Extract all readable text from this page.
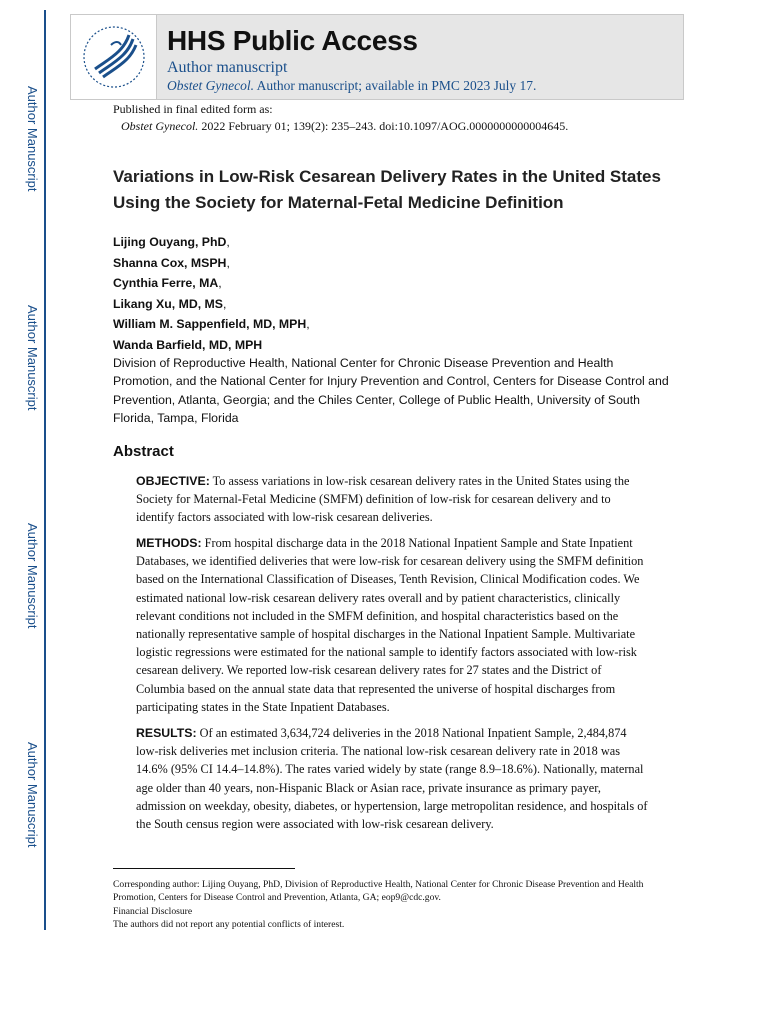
Author Manuscript
Author Manuscript
Author Manuscript
Author Manuscript
HHS Public Access
Author manuscript
Obstet Gynecol. Author manuscript; available in PMC 2023 July 17.
Published in final edited form as:
Obstet Gynecol. 2022 February 01; 139(2): 235–243. doi:10.1097/AOG.0000000000004645.
Variations in Low-Risk Cesarean Delivery Rates in the United States Using the Society for Maternal-Fetal Medicine Definition
Lijing Ouyang, PhD,
Shanna Cox, MSPH,
Cynthia Ferre, MA,
Likang Xu, MD, MS,
William M. Sappenfield, MD, MPH,
Wanda Barfield, MD, MPH
Division of Reproductive Health, National Center for Chronic Disease Prevention and Health Promotion, and the National Center for Injury Prevention and Control, Centers for Disease Control and Prevention, Atlanta, Georgia; and the Chiles Center, College of Public Health, University of South Florida, Tampa, Florida
Abstract
OBJECTIVE: To assess variations in low-risk cesarean delivery rates in the United States using the Society for Maternal-Fetal Medicine (SMFM) definition of low-risk for cesarean delivery and to identify factors associated with low-risk cesarean deliveries.
METHODS: From hospital discharge data in the 2018 National Inpatient Sample and State Inpatient Databases, we identified deliveries that were low-risk for cesarean delivery using the SMFM definition based on the International Classification of Diseases, Tenth Revision, Clinical Modification codes. We estimated national low-risk cesarean delivery rates overall and by patient characteristics, clinically relevant conditions not included in the SMFM definition, and hospital characteristics based on the nationally representative sample of hospital discharges in the National Inpatient Sample. Multivariate logistic regressions were estimated for the national sample to identify factors associated with low-risk cesarean delivery. We reported low-risk cesarean delivery rates for 27 states and the District of Columbia based on the annual state data that represented the universe of hospital discharges from participating states in the State Inpatient Databases.
RESULTS: Of an estimated 3,634,724 deliveries in the 2018 National Inpatient Sample, 2,484,874 low-risk deliveries met inclusion criteria. The national low-risk cesarean delivery rate in 2018 was 14.6% (95% CI 14.4–14.8%). The rates varied widely by state (range 8.9–18.6%). Nationally, maternal age older than 40 years, non-Hispanic Black or Asian race, private insurance as primary payer, admission on weekday, obesity, diabetes, or hypertension, large metropolitan residence, and hospitals of the South census region were associated with low-risk cesarean delivery.
Corresponding author: Lijing Ouyang, PhD, Division of Reproductive Health, National Center for Chronic Disease Prevention and Health Promotion, Centers for Disease Control and Prevention, Atlanta, GA; eop9@cdc.gov.
Financial Disclosure
The authors did not report any potential conflicts of interest.
